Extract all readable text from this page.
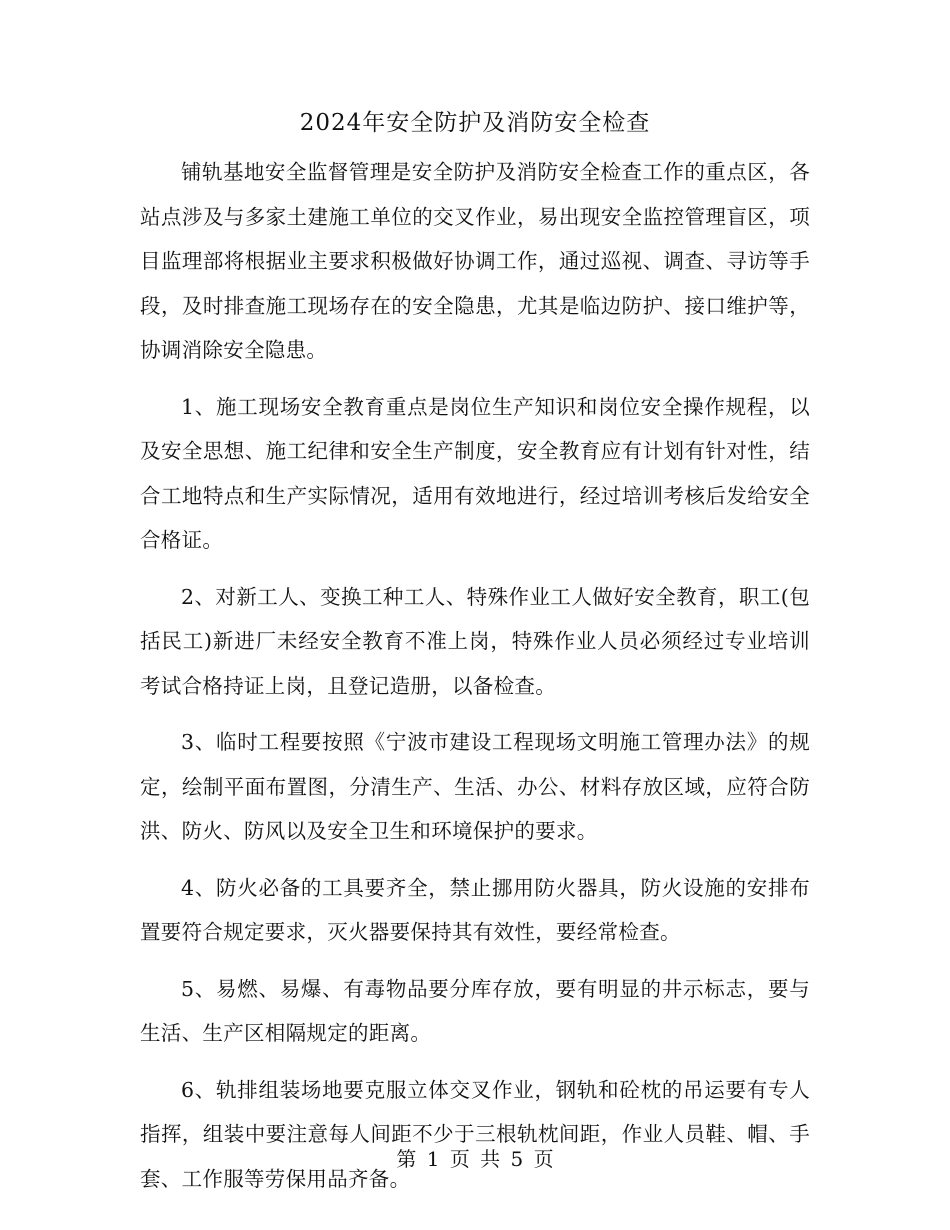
2024年安全防护及消防安全检查

铺轨基地安全监督管理是安全防护及消防安全检查工作的重点区，各站点涉及与多家土建施工单位的交叉作业，易出现安全监控管理盲区，项目监理部将根据业主要求积极做好协调工作，通过巡视、调查、寻访等手段，及时排查施工现场存在的安全隐患，尤其是临边防护、接口维护等，协调消除安全隐患。

1、施工现场安全教育重点是岗位生产知识和岗位安全操作规程，以及安全思想、施工纪律和安全生产制度，安全教育应有计划有针对性，结合工地特点和生产实际情况，适用有效地进行，经过培训考核后发给安全合格证。

2、对新工人、变换工种工人、特殊作业工人做好安全教育，职工(包括民工)新进厂未经安全教育不准上岗，特殊作业人员必须经过专业培训考试合格持证上岗，且登记造册，以备检查。

3、临时工程要按照《宁波市建设工程现场文明施工管理办法》的规定，绘制平面布置图，分清生产、生活、办公、材料存放区域，应符合防洪、防火、防风以及安全卫生和环境保护的要求。

4、防火必备的工具要齐全，禁止挪用防火器具，防火设施的安排布置要符合规定要求，灭火器要保持其有效性，要经常检查。

5、易燃、易爆、有毒物品要分库存放，要有明显的井示标志，要与生活、生产区相隔规定的距离。

6、轨排组装场地要克服立体交叉作业，钢轨和砼枕的吊运要有专人指挥，组装中要注意每人间距不少于三根轨枕间距，作业人员鞋、帽、手套、工作服等劳保用品齐备。

第 1 页 共 5 页
